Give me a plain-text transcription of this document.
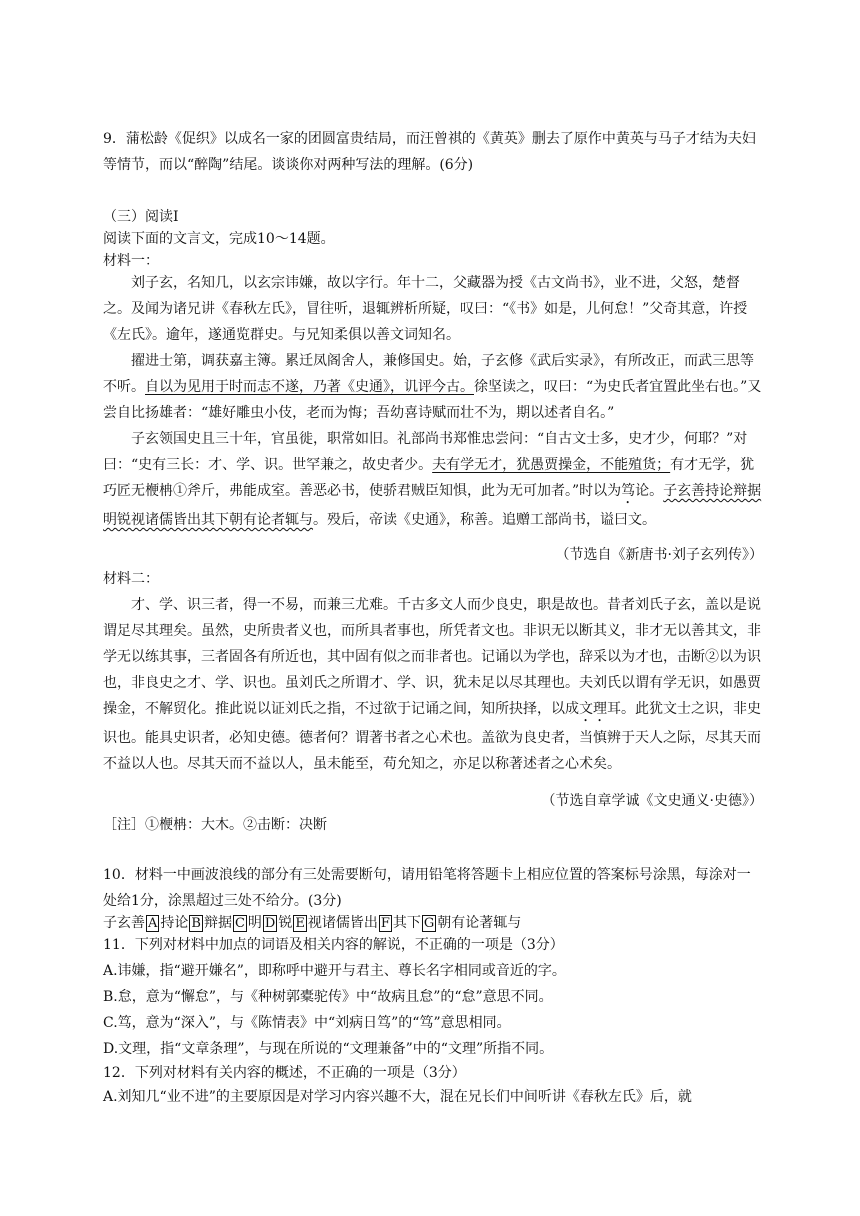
9．蒲松龄《促织》以成名一家的团圆富贵结局，而汪曾祺的《黄英》删去了原作中黄英与马子才结为夫妇等情节，而以“醉陶”结尾。谈谈你对两种写法的理解。(6分)

（三）阅读Ⅰ

阅读下面的文言文，完成10～14题。

材料一：

刘子玄，名知几，以玄宗讳嫌，故以字行。年十二，父藏器为授《古文尚书》，业不进，父怒，楚督之。及闻为诸兄讲《春秋左氏》，冒往听，退辄辨析所疑，叹曰：“《书》如是，儿何怠！”父奇其意，许授《左氏》。逾年，遂通览群史。与兄知柔俱以善文词知名。

擢进士第，调获嘉主簿。累迁凤阁舍人，兼修国史。始，子玄修《武后实录》，有所改正，而武三思等不听。自以为见用于时而志不遂，乃著《史通》，讥评今古。徐坚读之，叹曰：“为史氏者宜置此坐右也。”又尝自比扬雄者：“雄好雕虫小伎，老而为悔；吾幼喜诗赋而壮不为，期以述者自名。”

子玄领国史且三十年，官虽徙，职常如旧。礼部尚书郑惟忠尝问：“自古文士多，史才少，何耶？”对曰：“史有三长：才、学、识。世罕兼之，故史者少。夫有学无才，犹愚贾操金，不能殖货；有才无学，犹巧匠无楩柟①斧斤，弗能成室。善恶必书，使骄君贼臣知惧，此为无可加者。”时以为笃论。子玄善持论辩据明锐视诸儒皆出其下朝有论者辄与。殁后，帝读《史通》，称善。追赠工部尚书，谥曰文。

（节选自《新唐书·刘子玄列传》）

材料二：

才、学、识三者，得一不易，而兼三尤难。千古多文人而少良史，职是故也。昔者刘氏子玄，盖以是说谓足尽其理矣。虽然，史所贵者义也，而所具者事也，所凭者文也。非识无以断其义，非才无以善其文，非学无以练其事，三者固各有所近也，其中固有似之而非者也。记诵以为学也，辞采以为才也，击断②以为识也，非良史之才、学、识也。虽刘氏之所谓才、学、识，犹未足以尽其理也。夫刘氏以谓有学无识，如愚贾操金，不解贸化。推此说以证刘氏之指，不过欲于记诵之间，知所抉择，以成文理耳。此犹文士之识，非史识也。能具史识者，必知史德。德者何？谓著书者之心术也。盖欲为良史者，当慎辨于天人之际，尽其天而不益以人也。尽其天而不益以人，虽未能至，苟允知之，亦足以称著述者之心术矣。

（节选自章学诚《文史通义·史德》）

［注］①楩柟：大木。②击断：决断

10．材料一中画波浪线的部分有三处需要断句，请用铅笔将答题卡上相应位置的答案标号涂黑，每涂对一处给1分，涂黑超过三处不给分。(3分)

子玄善 A 持论 B 辩据 C 明 D 锐 E 视诸儒皆出 F 其下 G 朝有论著辄与

11．下列对材料中加点的词语及相关内容的解说，不正确的一项是（3分）

A.讳嫌，指“避开嫌名”，即称呼中避开与君主、尊长名字相同或音近的字。

B.怠，意为“懈怠”，与《种树郭橐驼传》中“故病且怠”的“怠”意思不同。

C.笃，意为“深入”，与《陈情表》中“刘病日笃”的“笃”意思相同。

D.文理，指“文章条理”，与现在所说的“文理兼备”中的“文理”所指不同。

12．下列对材料有关内容的概述，不正确的一项是（3分）

A.刘知几“业不进”的主要原因是对学习内容兴趣不大，混在兄长们中间听讲《春秋左氏》后，就
